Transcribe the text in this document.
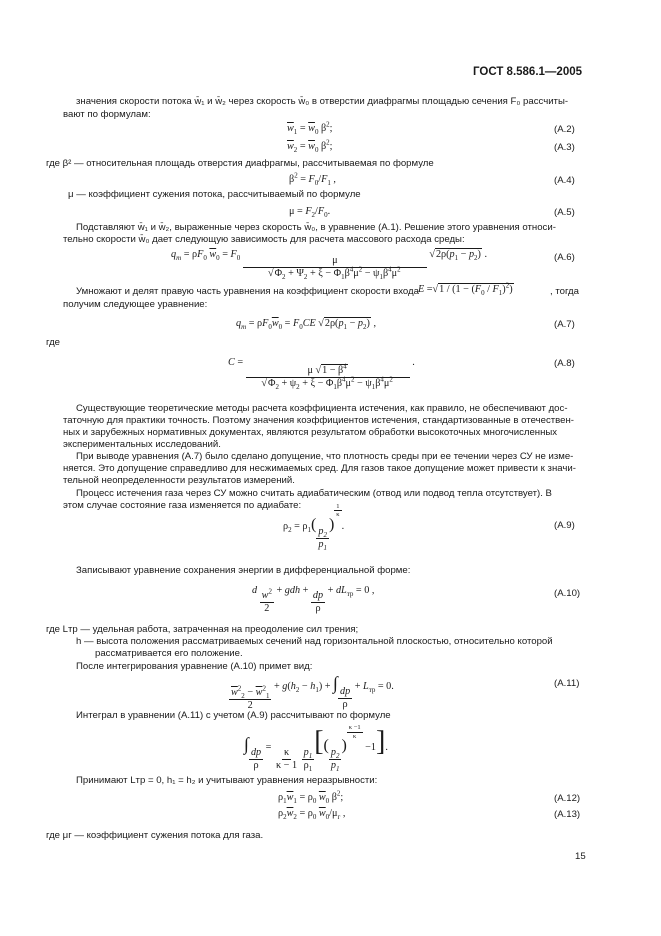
ГОСТ 8.586.1—2005
значения скорости потока w̄₁ и w̄₂ через скорость w̄₀ в отверстии диафрагмы площадью сечения F₀ рассчиты-
вают по формулам:
$\overline{w}_1 = \overline{w}_0$ $\beta^2$;	(А.2)
$\overline{w}_2 = \overline{w}_0$ $\beta^2$;	(А.3)
где β² — относительная площадь отверстия диафрагмы, рассчитываемая по формуле
$\beta^2 = F_0/F_1$ ,	(А.4)
μ — коэффициент сужения потока, рассчитываемый по формуле
$\mu = F_2/F_0$.	(А.5)
Подставляют w̄₁ и w̄₂, выраженные через скорость w̄₀, в уравнение (А.1). Решение этого уравнения относи-
тельно скорости w̄₀ дает следующую зависимость для расчета массового расхода среды:
$q_m = \rho F_0$ $\overline{w}_0 = F_0 \frac{\mu}{√\Phi_2 + \Psi_2 + \xi - \Phi_1\beta^4\mu^2 - \psi_1\beta^4\mu^2}$
$√2\rho(p_1 - p_2)$ .	(А.6)
Умножают и делят правую часть уравнения на коэффициент скорости входа $E =√1 / (1 - (F_0 / F_1)^2)$	, тогда
получим следующее уравнение:
$q_m = \rho F_0\overline{w}_0 = F_0CE$ $√2\rho(p_1 - p_2)$ ,	(А.7)
где
C =
$\frac{\mu √1 - \beta^4}{√\Phi_2 + \psi_2 + \xi - \Phi_1\beta^4\mu^2 - \psi_1\beta^4\mu^2}$
.	(А.8)
Существующие теоретические методы расчета коэффициента истечения, как правило, не обеспечивают дос-
таточную для практики точность. Поэтому значения коэффициентов истечения, стандартизованные в отечествен-
ных и зарубежных нормативных документах, являются результатом обработки высокоточных многочисленных
экспериментальных исследований.
При выводе уравнения (А.7) было сделано допущение, что плотность среды при ее течении через СУ не изме-
няется. Это допущение справедливо для несжимаемых сред. Для газов такое допущение может привести к значи-
тельной неопределенности результатов измерений.
Процесс истечения газа через СУ можно считать адиабатическим (отвод или подвод тепла отсутствует). В
этом случае состояние газа изменяется по адиабате:
$\rho_2 = \rho_1$(
$\frac{p_2}{p_1}$
)
$^{\frac{1}{\kappa}}$
.	(А.9)
Записывают уравнение сохранения энергии в дифференциальной форме:
d $\frac{w^2}{2}$ + gdh + $\frac{dp}{\rho} + dL_{тр} = 0$ ,	(А.10)
где Lтр — удельная работа, затраченная на преодоление сил трения;
h — высота положения рассматриваемых сечений над горизонтальной плоскостью, относительно которой
рассматривается его положение.
После интегрирования уравнение (А.10) примет вид:
$\frac{\overline{w}^2_2 - \overline{w}^2_1}{2}$
+ $g(h_2 - h_1)$ + ∫
$\frac{dp}{\rho} + L_{тр} = 0$.	(А.11)
Интеграл в уравнении (А.11) с учетом (А.9) рассчитывают по формуле
∫
$\frac{dp}{\rho} = \frac{\kappa}{\kappa - 1}$
$\frac{p_1}{\rho_1}$
[(
$\frac{p_2}{p_1}$
)
$^{\frac{\kappa -1}{\kappa}}$
−1].
Принимают Lтр = 0, h₁ = h₂ и учитывают уравнения неразрывности:
$\rho_1\overline{w}_1 = \rho_0$ $\overline{w}_0$ $\beta^2$;	(А.12)
$\rho_2\overline{w}_2 = \rho_0$ $\overline{w}_0/\mu_г$ ,	(А.13)
где μг — коэффициент сужения потока для газа.
15
